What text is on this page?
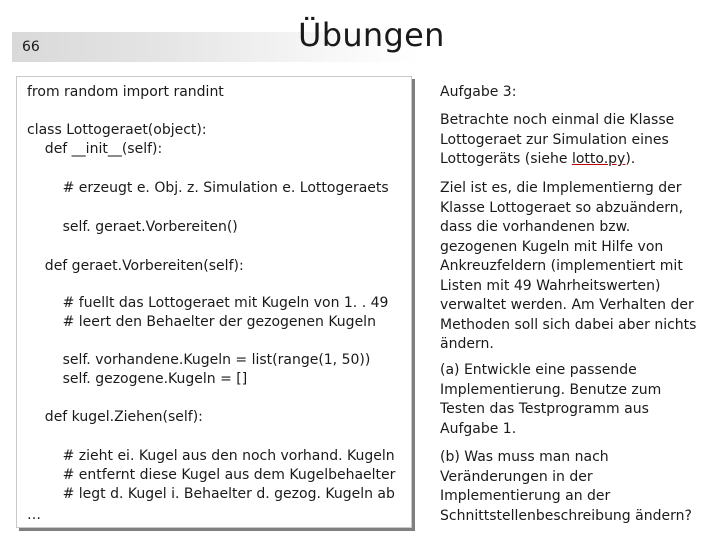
66	Übungen
from random import randint
class Lottogeraet(object):
def __init__(self):
# erzeugt e. Obj. z. Simulation e. Lottogeraets
self. geraet.Vorbereiten()
def geraet.Vorbereiten(self):
# fuellt das Lottogeraet mit Kugeln von 1. . 49
# leert den Behaelter der gezogenen Kugeln
self. vorhandene.Kugeln = list(range(1, 50))
self. gezogene.Kugeln = []
def kugel.Ziehen(self):
# zieht ei. Kugel aus den noch vorhand. Kugeln
# entfernt diese Kugel aus dem Kugelbehaelter
# legt d. Kugel i. Behaelter d. gezog. Kugeln ab
…
Aufgabe 3:
Betrachte noch einmal die Klasse Lottogeraet zur Simulation eines Lottogeräts (siehe lotto.py).
Ziel ist es, die Implementierng der Klasse Lottogeraet so abzuändern, dass die vorhandenen bzw. gezogenen Kugeln mit Hilfe von Ankreuzfeldern (implementiert mit Listen mit 49 Wahrheitswerten) verwaltet werden. Am Verhalten der Methoden soll sich dabei aber nichts ändern.
(a) Entwickle eine passende Implementierung. Benutze zum Testen das Testprogramm aus Aufgabe 1.
(b) Was muss man nach Veränderungen in der Implementierung an der Schnittstellenbeschreibung ändern?
